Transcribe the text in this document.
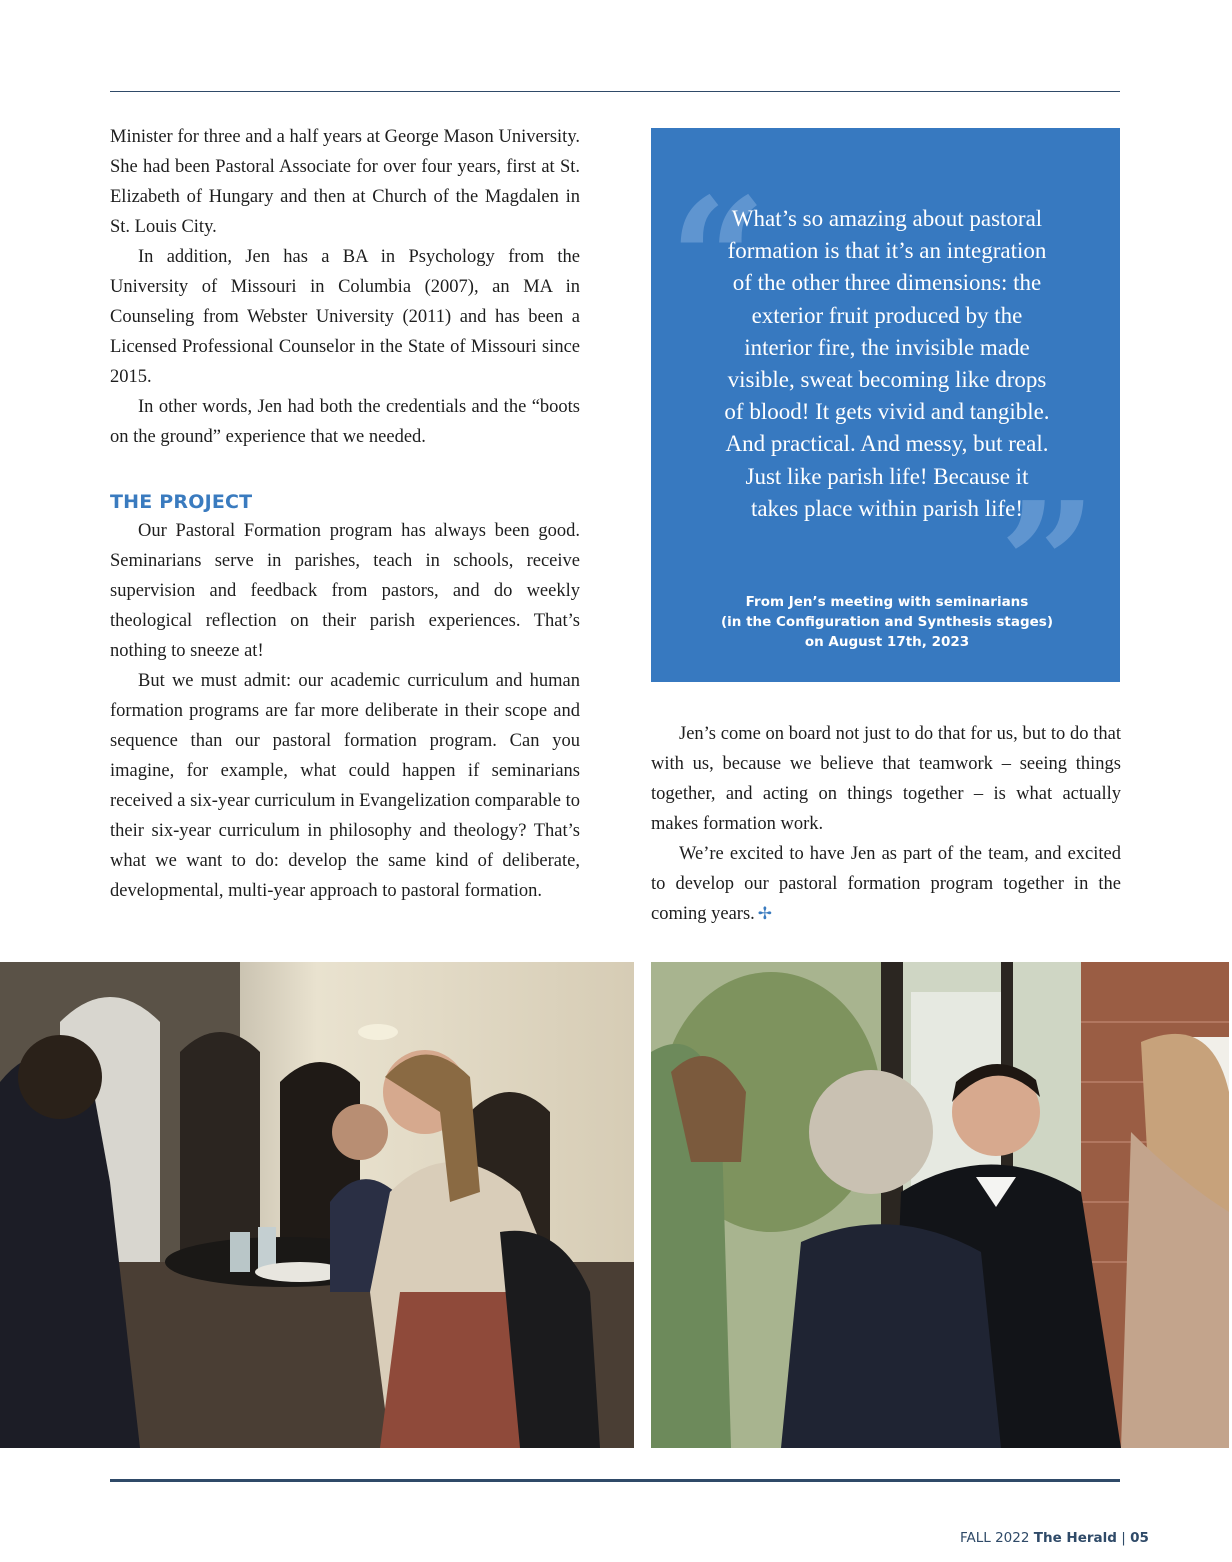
Minister for three and a half years at George Mason University. She had been Pastoral Associate for over four years, first at St. Elizabeth of Hungary and then at Church of the Magdalen in St. Louis City.

In addition, Jen has a BA in Psychology from the University of Missouri in Columbia (2007), an MA in Counseling from Webster University (2011) and has been a Licensed Professional Counselor in the State of Missouri since 2015.

In other words, Jen had both the credentials and the “boots on the ground” experience that we needed.

THE PROJECT

Our Pastoral Formation program has always been good. Seminarians serve in parishes, teach in schools, receive supervision and feedback from pastors, and do weekly theological reflection on their parish experiences. That’s nothing to sneeze at!

But we must admit: our academic curriculum and human formation programs are far more deliberate in their scope and sequence than our pastoral formation program. Can you imagine, for example, what could happen if seminarians received a six-year curriculum in Evangelization comparable to their six-year curriculum in philosophy and theology? That’s what we want to do: develop the same kind of deliberate, developmental, multi-year approach to pastoral formation.

“
”
What’s so amazing about pastoral formation is that it’s an integration of the other three dimensions: the exterior fruit produced by the interior fire, the invisible made visible, sweat becoming like drops of blood! It gets vivid and tangible. And practical. And messy, but real. Just like parish life! Because it takes place within parish life!
From Jen’s meeting with seminarians
(in the Configuration and Synthesis stages)
on August 17th, 2023

Jen’s come on board not just to do that for us, but to do that with us, because we believe that teamwork – seeing things together, and acting on things together – is what actually makes formation work.

We’re excited to have Jen as part of the team, and excited to develop our pastoral formation program together in the coming years. ✢

FALL 2022 The Herald | 05
